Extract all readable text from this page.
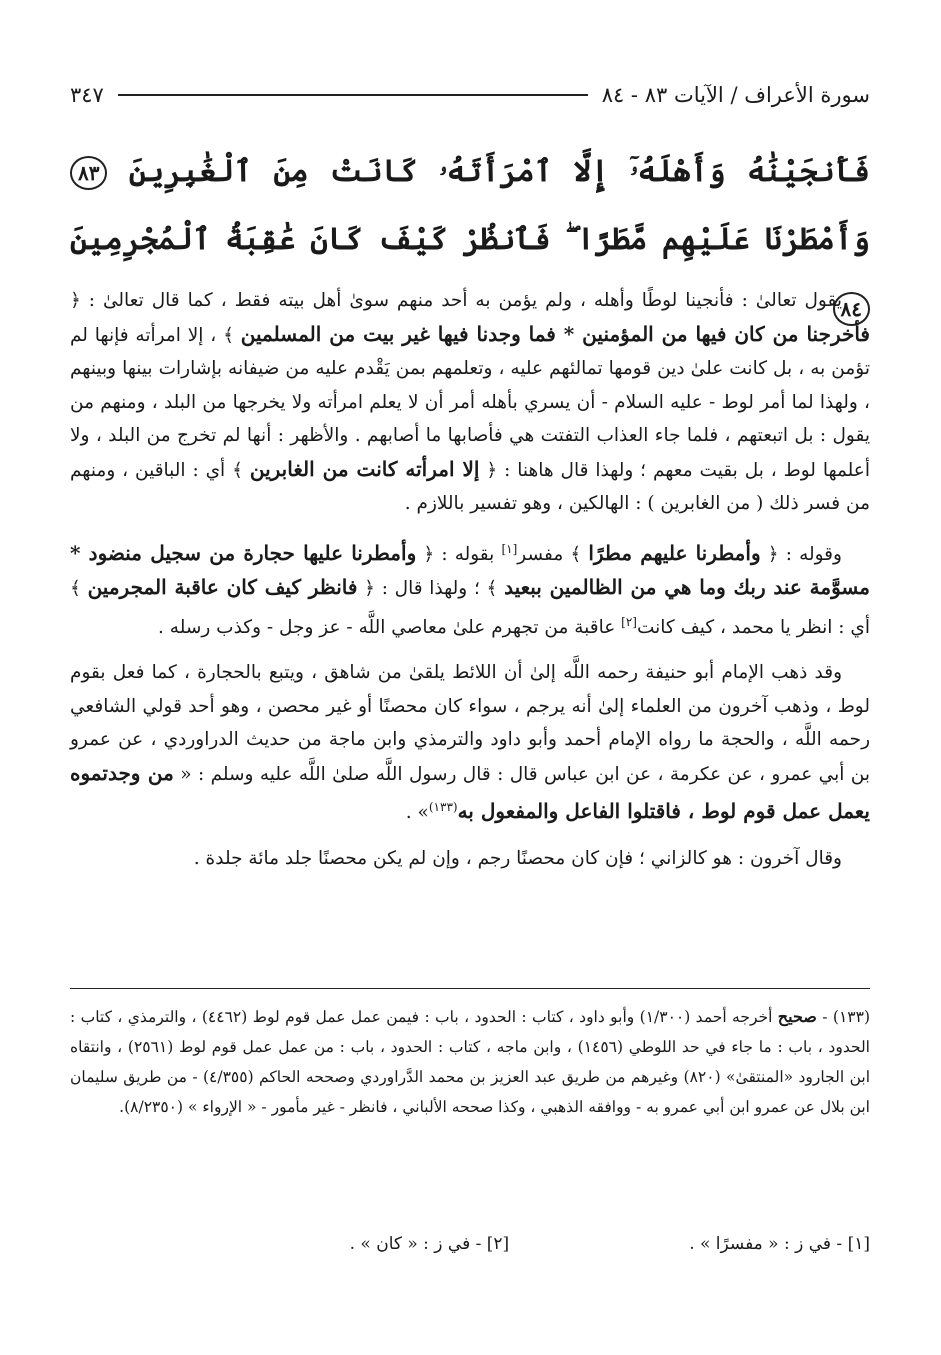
سورة الأعراف / الآيات ٨٣ - ٨٤
٣٤٧
فَأَنجَيْنَٰهُ وَأَهْلَهُۥٓ إِلَّا ٱمْرَأَتَهُۥ كَانَتْ مِنَ ٱلْغَٰبِرِينَ ٨٣ وَأَمْطَرْنَا عَلَيْهِم مَّطَرًا ۖ فَٱنظُرْ كَيْفَ كَانَ عَٰقِبَةُ ٱلْمُجْرِمِينَ ٨٤

يقول تعالىٰ : فأنجينا لوطًا وأهله ، ولم يؤمن به أحد منهم سوىٰ أهل بيته فقط ، كما قال تعالىٰ : ﴿ فأخرجنا من كان فيها من المؤمنين * فما وجدنا فيها غير بيت من المسلمين ﴾ ، إلا امرأته فإنها لم تؤمن به ، بل كانت علىٰ دين قومها تمالئهم عليه ، وتعلمهم بمن يَقْدم عليه من ضيفانه بإشارات بينها وبينهم ، ولهذا لما أمر لوط - عليه السلام - أن يسري بأهله أمر أن لا يعلم امرأته ولا يخرجها من البلد ، ومنهم من يقول : بل اتبعتهم ، فلما جاء العذاب التفتت هي فأصابها ما أصابهم . والأظهر : أنها لم تخرج من البلد ، ولا أعلمها لوط ، بل بقيت معهم ؛ ولهذا قال هاهنا : ﴿ إلا امرأته كانت من الغابرين ﴾ أي : الباقين ، ومنهم من فسر ذلك ( من الغابرين ) : الهالكين ، وهو تفسير باللازم .

وقوله : ﴿ وأمطرنا عليهم مطرًا ﴾ مفسر[١] بقوله : ﴿ وأمطرنا عليها حجارة من سجيل منضود * مسوَّمة عند ربك وما هي من الظالمين ببعيد ﴾ ؛ ولهذا قال : ﴿ فانظر كيف كان عاقبة المجرمين ﴾ أي : انظر يا محمد ، كيف كانت[٢] عاقبة من تجهرم علىٰ معاصي اللَّه - عز وجل - وكذب رسله .

وقد ذهب الإمام أبو حنيفة رحمه اللَّه إلىٰ أن اللائط يلقىٰ من شاهق ، ويتبع بالحجارة ، كما فعل بقوم لوط ، وذهب آخرون من العلماء إلىٰ أنه يرجم ، سواء كان محصنًا أو غير محصن ، وهو أحد قولي الشافعي رحمه اللَّه ، والحجة ما رواه الإمام أحمد وأبو داود والترمذي وابن ماجة من حديث الدراوردي ، عن عمرو بن أبي عمرو ، عن عكرمة ، عن ابن عباس قال : قال رسول اللَّه صلىٰ اللَّه عليه وسلم : « من وجدتموه يعمل عمل قوم لوط ، فاقتلوا الفاعل والمفعول به$^{(١٣٣)}$» .

وقال آخرون : هو كالزاني ؛ فإن كان محصنًا رجم ، وإن لم يكن محصنًا جلد مائة جلدة .

(١٣٣) - صحيح أخرجه أحمد (١/٣٠٠) وأبو داود ، كتاب : الحدود ، باب : فيمن عمل عمل قوم لوط (٤٤٦٢) ، والترمذي ، كتاب : الحدود ، باب : ما جاء في حد اللوطي (١٤٥٦) ، وابن ماجه ، كتاب : الحدود ، باب : من عمل عمل قوم لوط (٢٥٦١) ، وانتقاه ابن الجارود «المنتقىٰ» (٨٢٠) وغيرهم من طريق عبد العزيز بن محمد الدَّراوردي وصححه الحاكم (٤/٣٥٥) - من طريق سليمان ابن بلال عن عمرو ابن أبي عمرو به - ووافقه الذهبي ، وكذا صححه الألباني ، فانظر - غير مأمور - « الإرواء » (٨/٢٣٥٠).

[١] - في ز : « مفسرًا » .
[٢] - في ز : « كان » .
